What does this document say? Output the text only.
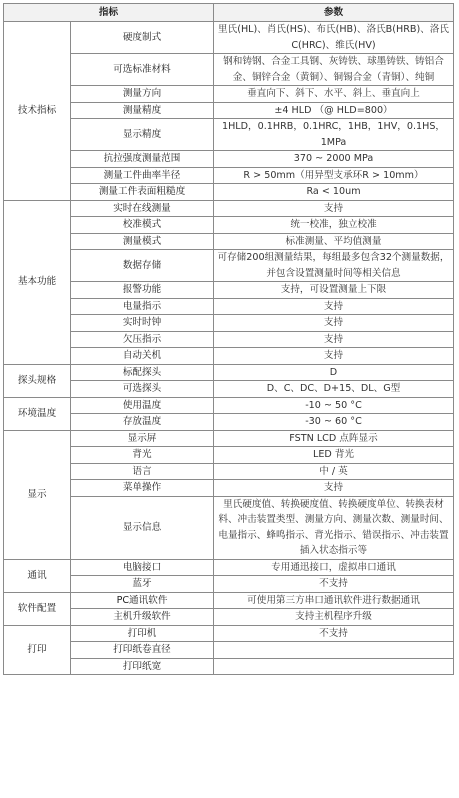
指标		参数
技术指标	硬度制式	里氏(HL)、肖氏(HS)、布氏(HB)、洛氏B(HRB)、洛氏C(HRC)、维氏(HV)
	可选标准材料	钢和铸钢、合金工具钢、灰铸铁、球墨铸铁、铸铝合金、铜锌合金（黄铜）、铜锡合金（青铜）、纯铜
	测量方向	垂直向下、斜下、水平、斜上、垂直向上
	测量精度	±4 HLD （@ HLD=800）
	显示精度	1HLD，0.1HRB，0.1HRC，1HB，1HV，0.1HS，1MPa
	抗拉强度测量范围	370 ~ 2000 MPa
	测量工件曲率半径	R > 50mm（用异型支承环R > 10mm）
	测量工件表面粗糙度	Ra < 10um
基本功能	实时在线测量	支持
	校准模式	统一校准，独立校准
	测量模式	标准测量、平均值测量
	数据存储	可存储200组测量结果，每组最多包含32个测量数据，并包含设置测量时间等相关信息
	报警功能	支持，可设置测量上下限
	电量指示	支持
	实时时钟	支持
	欠压指示	支持
	自动关机	支持
探头规格	标配探头	D
	可选探头	D、C、DC、D+15、DL、G型
环境温度	使用温度	-10 ~ 50 °C
	存放温度	-30 ~ 60 °C
显示	显示屏	FSTN LCD 点阵显示
	背光	LED 背光
	语言	中 / 英
	菜单操作	支持
	显示信息	里氏硬度值、转换硬度值、转换硬度单位、转换表材料、冲击装置类型、测量方向、测量次数、测量时间、电量指示、蜂鸣指示、背光指示、错误指示、冲击装置插入状态指示等
通讯	电脑接口	专用通迅接口，虚拟串口通讯
	蓝牙	不支持
软件配置	PC通讯软件	可使用第三方串口通讯软件进行数据通讯
	主机升级软件	支持主机程序升级
打印	打印机	不支持
	打印纸卷直径	
	打印纸宽	
